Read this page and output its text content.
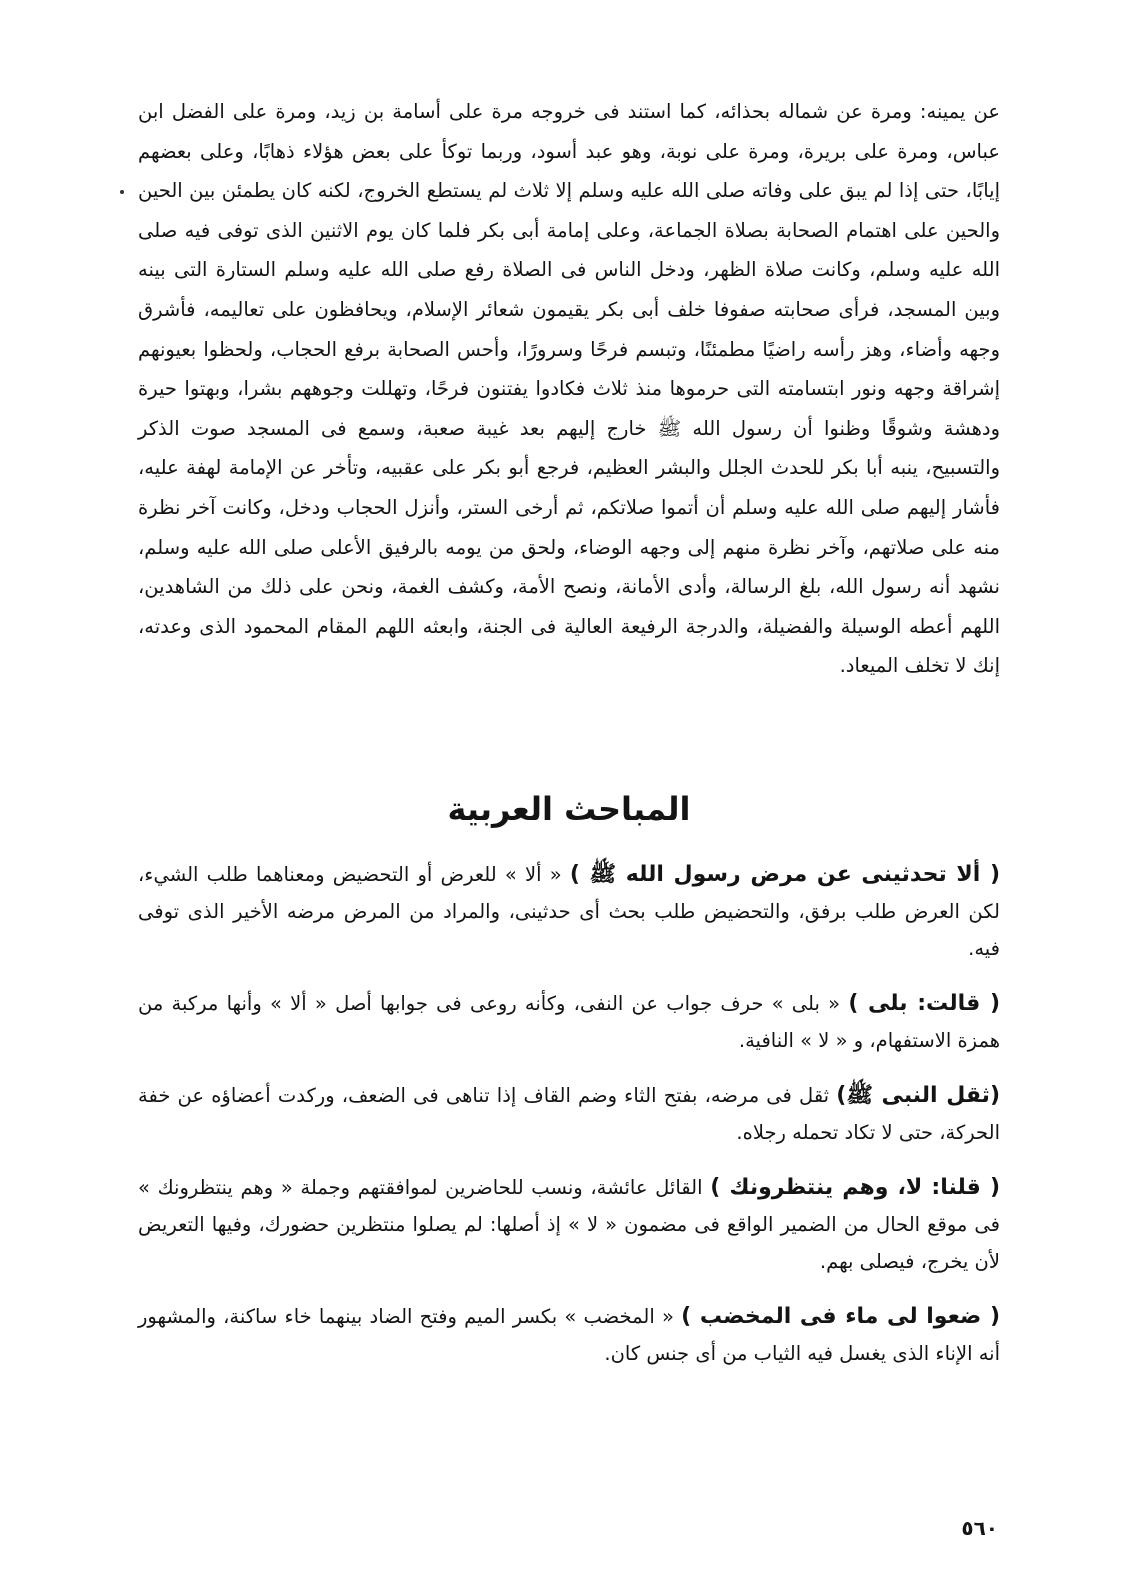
عن يمينه: ومرة عن شماله بحذائه، كما استند فى خروجه مرة على أسامة بن زيد، ومرة على الفضل ابن عباس، ومرة على بريرة، ومرة على نوبة، وهو عبد أسود، وربما توكأ على بعض هؤلاء ذهابًا، وعلى بعضهم إيابًا، حتى إذا لم يبق على وفاته صلى الله عليه وسلم إلا ثلاث لم يستطع الخروج، لكنه كان يطمئن بين الحين والحين على اهتمام الصحابة بصلاة الجماعة، وعلى إمامة أبى بكر فلما كان يوم الاثنين الذى توفى فيه صلى الله عليه وسلم، وكانت صلاة الظهر، ودخل الناس فى الصلاة رفع صلى الله عليه وسلم الستارة التى بينه وبين المسجد، فرأى صحابته صفوفا خلف أبى بكر يقيمون شعائر الإسلام، ويحافظون على تعاليمه، فأشرق وجهه وأضاء، وهز رأسه راضيًا مطمئنًا، وتبسم فرحًا وسرورًا، وأحس الصحابة برفع الحجاب، ولحظوا بعيونهم إشراقة وجهه ونور ابتسامته التى حرموها منذ ثلاث فكادوا يفتنون فرحًا، وتهللت وجوههم بشرا، وبهتوا حيرة ودهشة وشوقًا وظنوا أن رسول الله ﷺ خارج إليهم بعد غيبة صعبة، وسمع فى المسجد صوت الذكر والتسبيح، ينبه أبا بكر للحدث الجلل والبشر العظيم، فرجع أبو بكر على عقبيه، وتأخر عن الإمامة لهفة عليه، فأشار إليهم صلى الله عليه وسلم أن أتموا صلاتكم، ثم أرخى الستر، وأنزل الحجاب ودخل، وكانت آخر نظرة منه على صلاتهم، وآخر نظرة منهم إلى وجهه الوضاء، ولحق من يومه بالرفيق الأعلى صلى الله عليه وسلم، نشهد أنه رسول الله، بلغ الرسالة، وأدى الأمانة، ونصح الأمة، وكشف الغمة، ونحن على ذلك من الشاهدين، اللهم أعطه الوسيلة والفضيلة، والدرجة الرفيعة العالية فى الجنة، وابعثه اللهم المقام المحمود الذى وعدته، إنك لا تخلف الميعاد.

المباحث العربية

( ألا تحدثينى عن مرض رسول الله ﷺ ) « ألا » للعرض أو التحضيض ومعناهما طلب الشيء، لكن العرض طلب برفق، والتحضيض طلب بحث أى حدثينى، والمراد من المرض مرضه الأخير الذى توفى فيه.

( قالت: بلى ) « بلى » حرف جواب عن النفى، وكأنه روعى فى جوابها أصل « ألا » وأنها مركبة من همزة الاستفهام، و « لا » النافية.

(ثقل النبى ﷺ) ثقل فى مرضه، بفتح الثاء وضم القاف إذا تناهى فى الضعف، وركدت أعضاؤه عن خفة الحركة، حتى لا تكاد تحمله رجلاه.

( قلنا: لا، وهم ينتظرونك ) القائل عائشة، ونسب للحاضرين لموافقتهم وجملة « وهم ينتظرونك » فى موقع الحال من الضمير الواقع فى مضمون « لا » إذ أصلها: لم يصلوا منتظرين حضورك، وفيها التعريض لأن يخرج، فيصلى بهم.

( ضعوا لى ماء فى المخضب ) « المخضب » بكسر الميم وفتح الضاد بينهما خاء ساكنة، والمشهور أنه الإناء الذى يغسل فيه الثياب من أى جنس كان.

٥٦٠
